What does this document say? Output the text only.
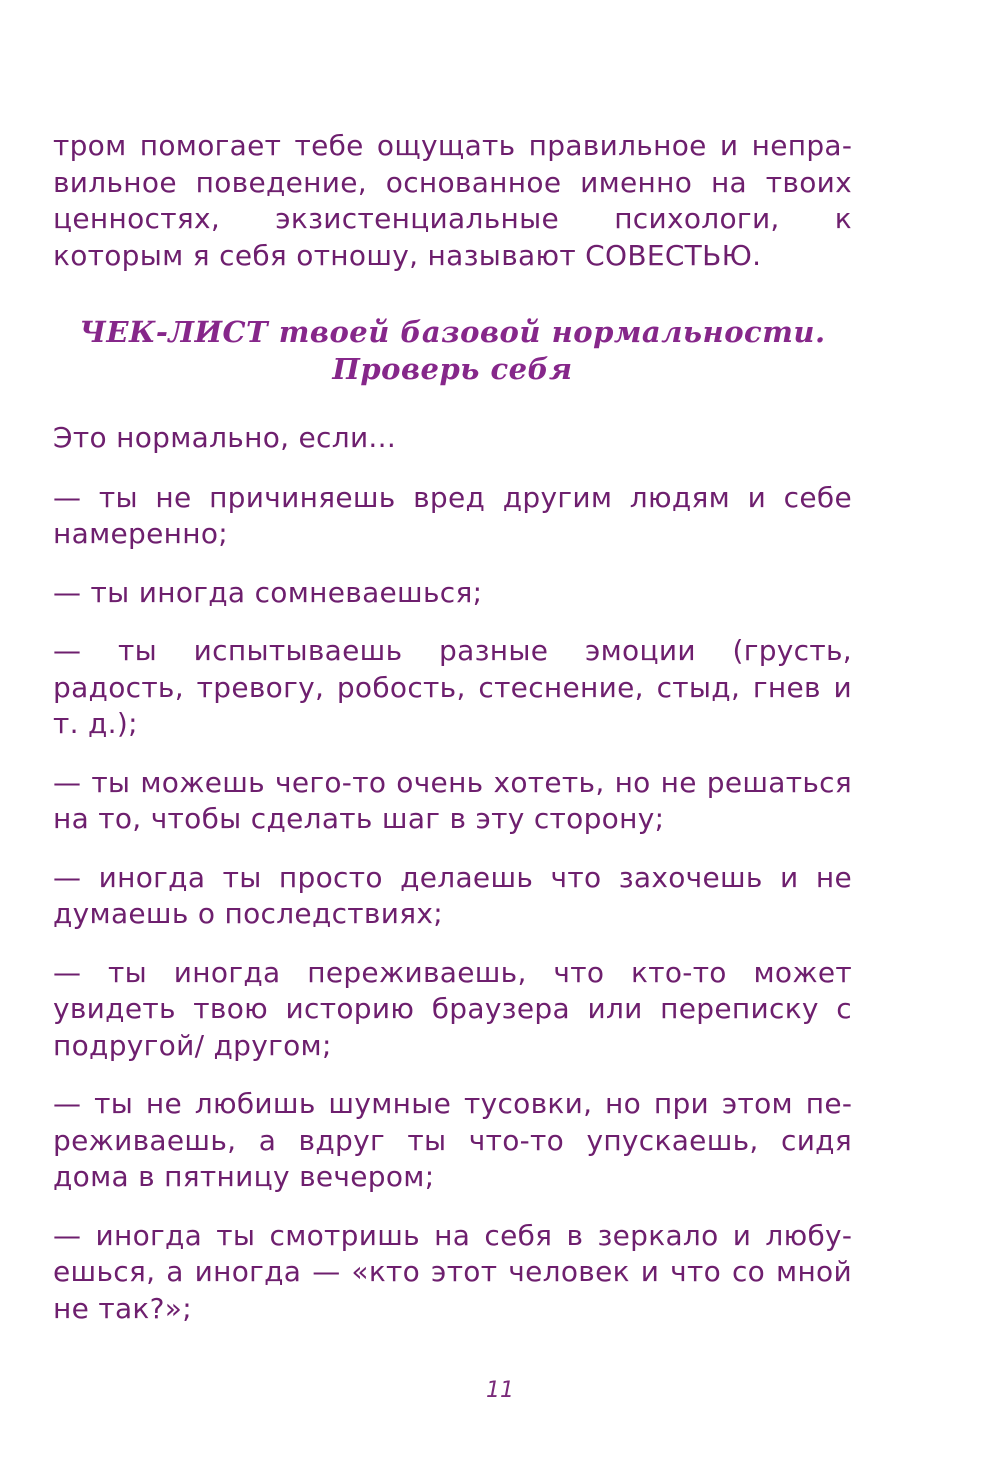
тром помогает тебе ощущать правильное и неправильное поведение, основанное именно на твоих ценностях, экзистенциальные психологи, к которым я себя отношу, называют СОВЕСТЬЮ.

ЧЕК-ЛИСТ твоей базовой нормальности.
Проверь себя

Это нормально, если...

— ты не причиняешь вред другим людям и себе намеренно;

— ты иногда сомневаешься;

— ты испытываешь разные эмоции (грусть, радость, тревогу, робость, стеснение, стыд, гнев и т. д.);

— ты можешь чего-то очень хотеть, но не решаться на то, чтобы сделать шаг в эту сторону;

— иногда ты просто делаешь что захочешь и не думаешь о последствиях;

— ты иногда переживаешь, что кто-то может увидеть твою историю браузера или переписку с подругой/ другом;

— ты не любишь шумные тусовки, но при этом переживаешь, а вдруг ты что-то упускаешь, сидя дома в пятницу вечером;

— иногда ты смотришь на себя в зеркало и любуешься, а иногда — «кто этот человек и что со мной не так?»;

11
